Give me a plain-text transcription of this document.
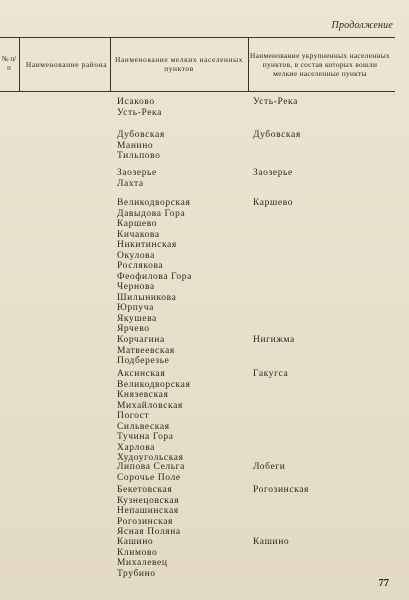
Продолжение
№ п/п	Наименование района	Наименование мелких населенных пунктов
Наименование укрупненных населенных пунктов, в состав которых вошли мелкие населенные пункты
Исаково
Усть-Река
Усть-Река
Дубовская
Манино
Тильпово
Дубовская
Заозерье
Лахта
Заозерье
Великодворская
Давыдова Гора
Каршево
Кичакова
Никитинская
Окулова
Рослякова
Феофилова Гора
Чернова
Шилыникова
Юрпуча
Якушева
Ярчево
Каршево
Корчагина
Матвеевская
Подберезье
Нигижма
Аксинская
Великодворская
Князевская
Михайловская
Погост
Сильвеская
Тучина Гора
Харлова
Худоугольская
Гакугса
Липова Сельга
Сорочье Поле
Лобеги
Бекетовская
Кузнецовская
Непашинская
Рогозинская
Ясная Поляна
Рогозинская
Кашино
Климово
Михалевец
Трубино
Кашино
77
